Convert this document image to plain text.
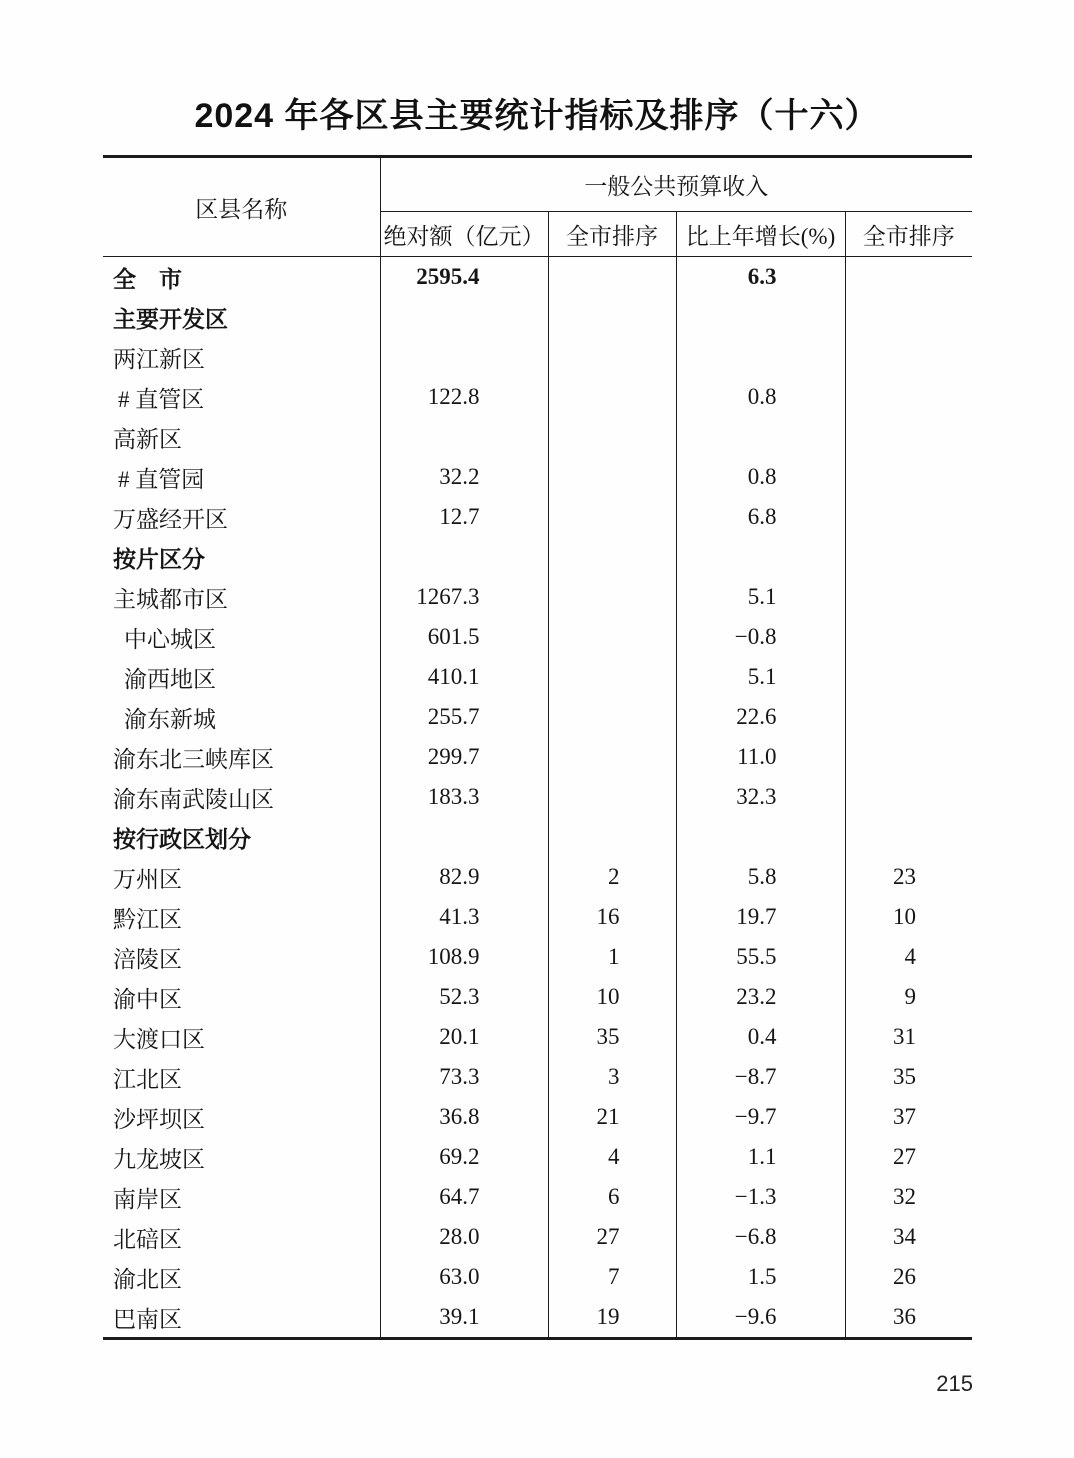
2024 年各区县主要统计指标及排序（十六）
区县名称	一般公共预算收入			
	绝对额（亿元）	全市排序	比上年增长(%)	全市排序
全　市	2595.4		6.3	
主要开发区				
两江新区				
# 直管区	122.8		0.8	
高新区				
# 直管园	32.2		0.8	
万盛经开区	12.7		6.8	
按片区分				
主城都市区	1267.3		5.1	
中心城区	601.5		−0.8	
渝西地区	410.1		5.1	
渝东新城	255.7		22.6	
渝东北三峡库区	299.7		11.0	
渝东南武陵山区	183.3		32.3	
按行政区划分				
万州区	82.9	2	5.8	23
黔江区	41.3	16	19.7	10
涪陵区	108.9	1	55.5	4
渝中区	52.3	10	23.2	9
大渡口区	20.1	35	0.4	31
江北区	73.3	3	−8.7	35
沙坪坝区	36.8	21	−9.7	37
九龙坡区	69.2	4	1.1	27
南岸区	64.7	6	−1.3	32
北碚区	28.0	27	−6.8	34
渝北区	63.0	7	1.5	26
巴南区	39.1	19	−9.6	36
215
